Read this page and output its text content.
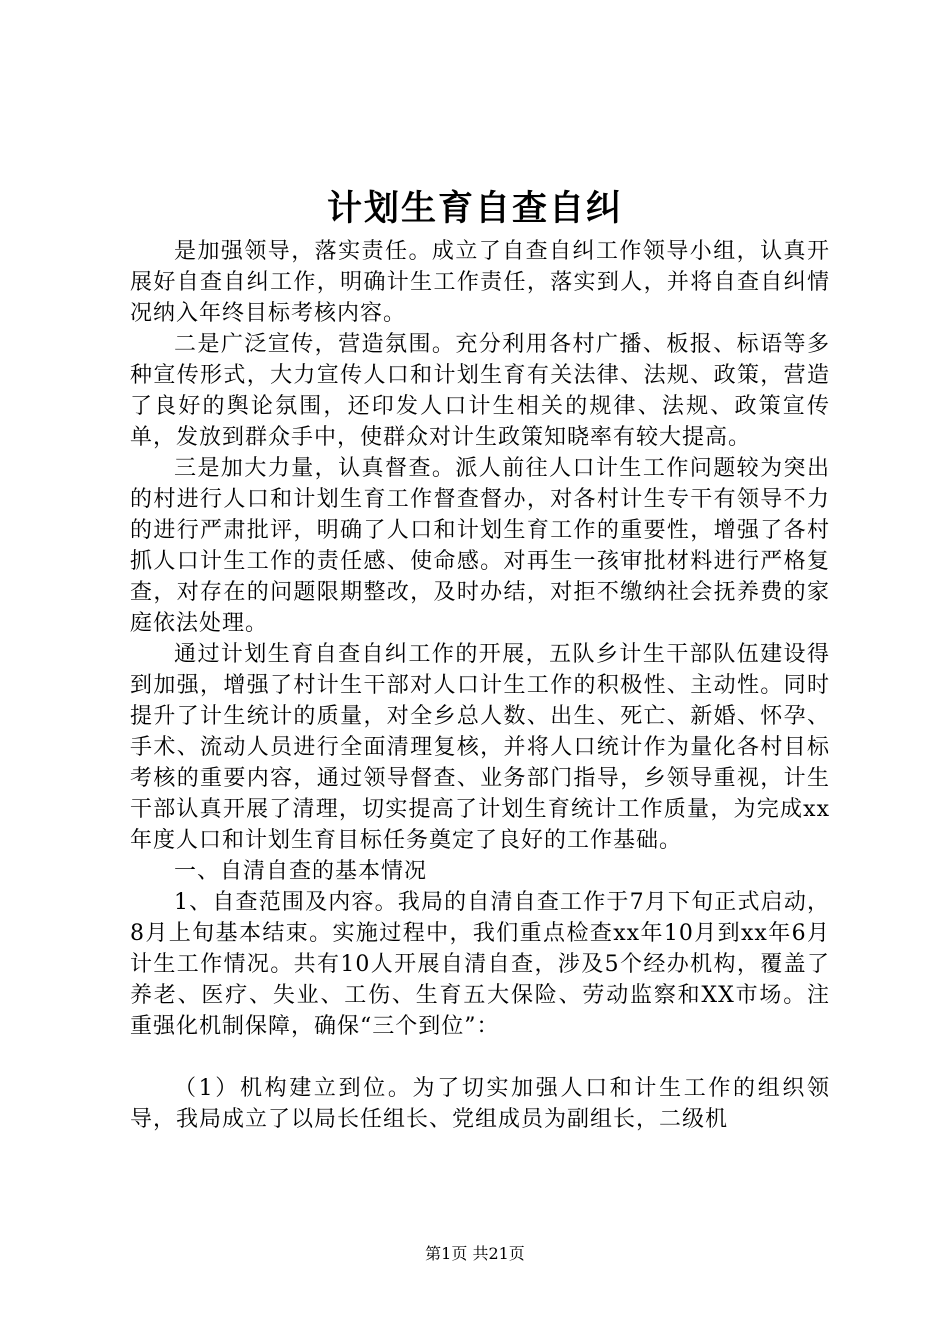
计划生育自查自纠

是加强领导，落实责任。成立了自查自纠工作领导小组，认真开展好自查自纠工作，明确计生工作责任，落实到人，并将自查自纠情况纳入年终目标考核内容。

二是广泛宣传，营造氛围。充分利用各村广播、板报、标语等多种宣传形式，大力宣传人口和计划生育有关法律、法规、政策，营造了良好的舆论氛围，还印发人口计生相关的规律、法规、政策宣传单，发放到群众手中，使群众对计生政策知晓率有较大提高。

三是加大力量，认真督查。派人前往人口计生工作问题较为突出的村进行人口和计划生育工作督查督办，对各村计生专干有领导不力的进行严肃批评，明确了人口和计划生育工作的重要性，增强了各村抓人口计生工作的责任感、使命感。对再生一孩审批材料进行严格复查，对存在的问题限期整改，及时办结，对拒不缴纳社会抚养费的家庭依法处理。

通过计划生育自查自纠工作的开展，五队乡计生干部队伍建设得到加强，增强了村计生干部对人口计生工作的积极性、主动性。同时提升了计生统计的质量，对全乡总人数、出生、死亡、新婚、怀孕、手术、流动人员进行全面清理复核，并将人口统计作为量化各村目标考核的重要内容，通过领导督查、业务部门指导，乡领导重视，计生干部认真开展了清理，切实提高了计划生育统计工作质量，为完成xx年度人口和计划生育目标任务奠定了良好的工作基础。

一、自清自查的基本情况

1、自查范围及内容。我局的自清自查工作于7月下旬正式启动，8月上旬基本结束。实施过程中，我们重点检查xx年10月到xx年6月计生工作情况。共有10人开展自清自查，涉及5个经办机构，覆盖了养老、医疗、失业、工伤、生育五大保险、劳动监察和XX市场。注重强化机制保障，确保“三个到位”：

（1）机构建立到位。为了切实加强人口和计生工作的组织领导，我局成立了以局长任组长、党组成员为副组长，二级机

第1页 共21页
